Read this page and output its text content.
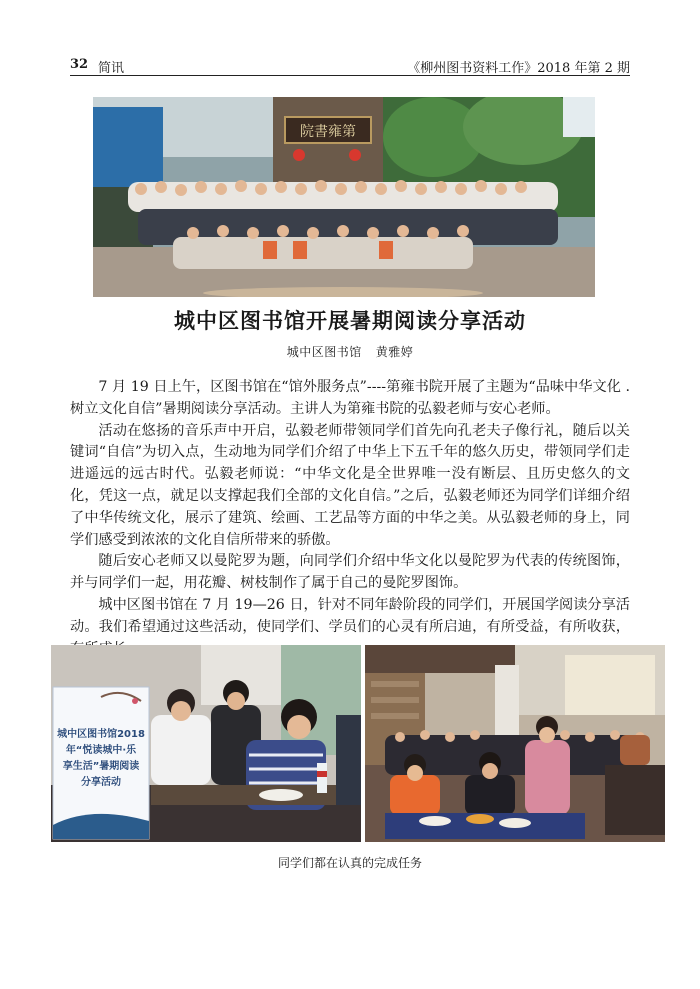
32 简讯	《柳州图书资料工作》2018 年第 2 期
院書雍第
城中区图书馆开展暑期阅读分享活动
城中区图书馆 黄雅婷

7 月 19 日上午，区图书馆在“馆外服务点”----第雍书院开展了主题为“品味中华文化 .树立文化自信”暑期阅读分享活动。主讲人为第雍书院的弘毅老师与安心老师。

活动在悠扬的音乐声中开启，弘毅老师带领同学们首先向孔老夫子像行礼，随后以关键词“自信”为切入点，生动地为同学们介绍了中华上下五千年的悠久历史，带领同学们走进遥远的远古时代。弘毅老师说：“中华文化是全世界唯一没有断层、且历史悠久的文化，凭这一点，就足以支撑起我们全部的文化自信。”之后，弘毅老师还为同学们详细介绍了中华传统文化，展示了建筑、绘画、工艺品等方面的中华之美。从弘毅老师的身上，同学们感受到浓浓的文化自信所带来的骄傲。

随后安心老师又以曼陀罗为题，向同学们介绍中华文化以曼陀罗为代表的传统图饰，并与同学们一起，用花瓣、树枝制作了属于自己的曼陀罗图饰。

城中区图书馆在 7 月 19—26 日，针对不同年龄阶段的同学们，开展国学阅读分享活动。我们希望通过这些活动，使同学们、学员们的心灵有所启迪，有所受益，有所收获，

城中区图书馆2018
年“悦读城中·乐
享生活”暑期阅读
分享活动
同学们都在认真的完成任务
